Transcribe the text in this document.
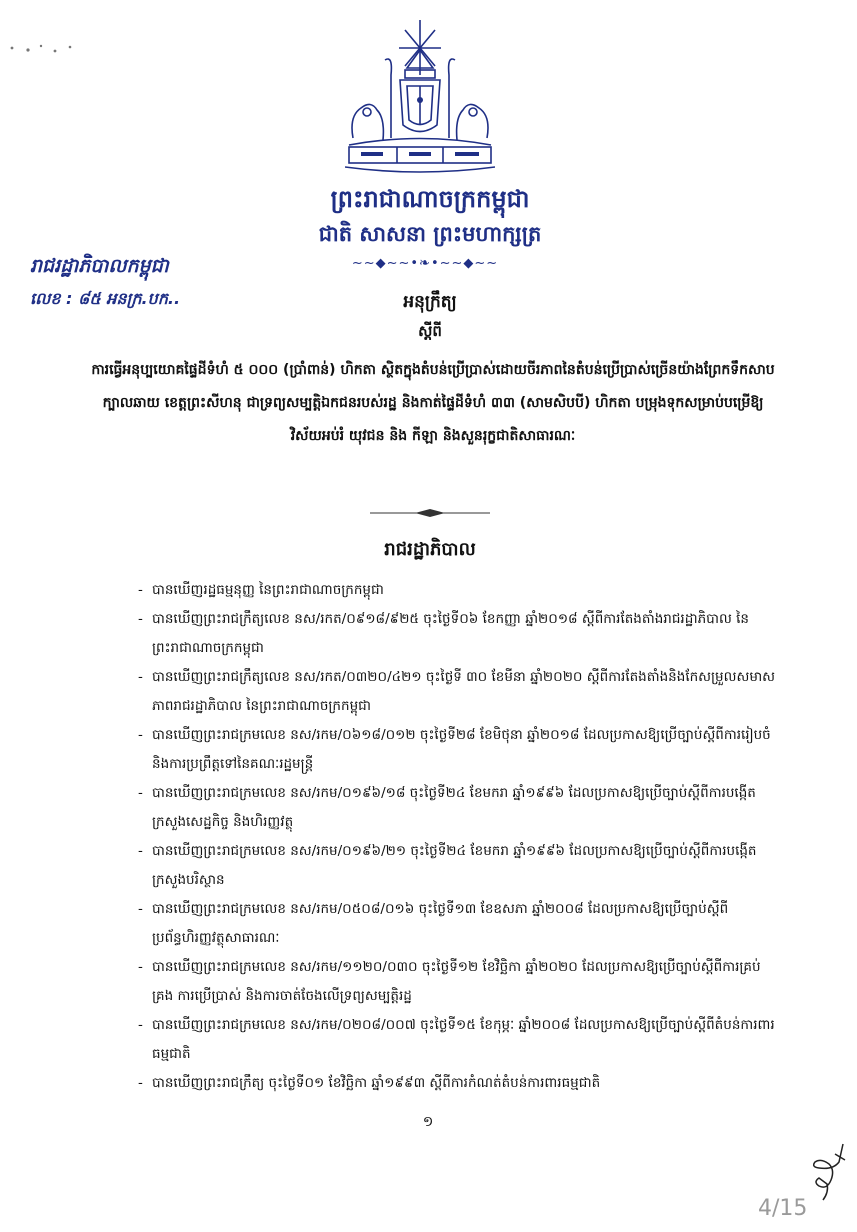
ព្រះរាជាណាចក្រកម្ពុជា
ជាតិ សាសនា ព្រះមហាក្សត្រ
~~◆~~•❧•~~◆~~
រាជរដ្ឋាភិបាលកម្ពុជា
លេខ : ៨៥ អនក្រ.បក..	អនុក្រឹត្យ
ស្ដីពី
ការធ្វើអនុប្បយោគផ្ទៃដីទំហំ ៥ ០០០ (ប្រាំពាន់) ហិកតា ស្ថិតក្នុងតំបន់ប្រើប្រាស់ដោយចីរភាពនៃតំបន់ប្រើប្រាស់ច្រើនយ៉ាងព្រែកទឹកសាបក្បាលឆាយ ខេត្តព្រះសីហនុ ជាទ្រព្យសម្បត្តិឯកជនរបស់រដ្ឋ និងកាត់ផ្ទៃដីទំហំ ៣៣ (សាមសិបបី) ហិកតា បម្រុងទុកសម្រាប់បម្រើឱ្យវិស័យអប់រំ យុវជន និង កីឡា និងសួនរុក្ខជាតិសាធារណៈ
រាជរដ្ឋាភិបាល
- បានឃើញរដ្ឋធម្មនុញ្ញ នៃព្រះរាជាណាចក្រកម្ពុជា
- បានឃើញព្រះរាជក្រឹត្យលេខ នស/រកត/០៩១៨/៩២៥ ចុះថ្ងៃទី០៦ ខែកញ្ញា ឆ្នាំ២០១៨ ស្ដីពីការតែងតាំងរាជរដ្ឋាភិបាល នៃព្រះរាជាណាចក្រកម្ពុជា
- បានឃើញព្រះរាជក្រឹត្យលេខ នស/រកត/០៣២០/៤២១ ចុះថ្ងៃទី ៣០ ខែមីនា ឆ្នាំ២០២០ ស្ដីពីការតែងតាំងនិងកែសម្រួលសមាសភាពរាជរដ្ឋាភិបាល នៃព្រះរាជាណាចក្រកម្ពុជា
- បានឃើញព្រះរាជក្រមលេខ នស/រកម/០៦១៨/០១២ ចុះថ្ងៃទី២៨ ខែមិថុនា ឆ្នាំ២០១៨ ដែលប្រកាសឱ្យប្រើច្បាប់ស្ដីពីការរៀបចំ និងការប្រព្រឹត្តទៅនៃគណៈរដ្ឋមន្ត្រី
- បានឃើញព្រះរាជក្រមលេខ នស/រកម/០១៩៦/១៨ ចុះថ្ងៃទី២៤ ខែមករា ឆ្នាំ១៩៩៦ ដែលប្រកាសឱ្យប្រើច្បាប់ស្ដីពីការបង្កើតក្រសួងសេដ្ឋកិច្ច និងហិរញ្ញវត្ថុ
- បានឃើញព្រះរាជក្រមលេខ នស/រកម/០១៩៦/២១ ចុះថ្ងៃទី២៤ ខែមករា ឆ្នាំ១៩៩៦ ដែលប្រកាសឱ្យប្រើច្បាប់ស្ដីពីការបង្កើតក្រសួងបរិស្ថាន
- បានឃើញព្រះរាជក្រមលេខ នស/រកម/០៥០៨/០១៦ ចុះថ្ងៃទី១៣ ខែឧសភា ឆ្នាំ២០០៨ ដែលប្រកាសឱ្យប្រើច្បាប់ស្ដីពីប្រព័ន្ធហិរញ្ញវត្ថុសាធារណៈ
- បានឃើញព្រះរាជក្រមលេខ នស/រកម/១១២០/០៣០ ចុះថ្ងៃទី១២ ខែវិច្ឆិកា ឆ្នាំ២០២០ ដែលប្រកាសឱ្យប្រើច្បាប់ស្ដីពីការគ្រប់គ្រង ការប្រើប្រាស់ និងការចាត់ចែងលើទ្រព្យសម្បត្តិរដ្ឋ
- បានឃើញព្រះរាជក្រមលេខ នស/រកម/០២០៨/០០៧ ចុះថ្ងៃទី១៥ ខែកុម្ភៈ ឆ្នាំ២០០៨ ដែលប្រកាសឱ្យប្រើច្បាប់ស្ដីពីតំបន់ការពារធម្មជាតិ
- បានឃើញព្រះរាជក្រឹត្យ ចុះថ្ងៃទី០១ ខែវិច្ឆិកា ឆ្នាំ១៩៩៣ ស្ដីពីការកំណត់តំបន់ការពារធម្មជាតិ
១
4/15
